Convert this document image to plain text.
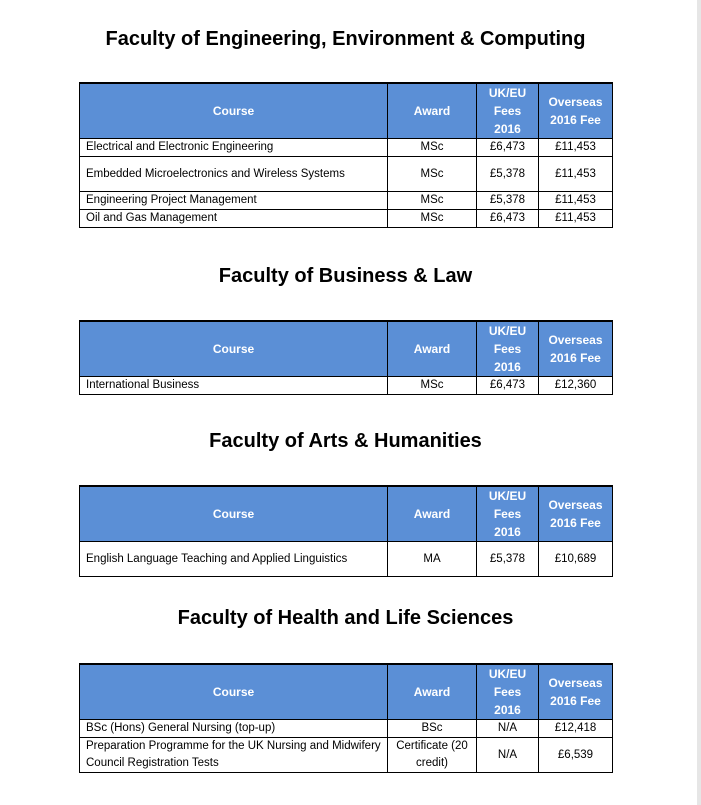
Faculty of Engineering, Environment & Computing
Course	Award	UK/EU Fees 2016	Overseas 2016 Fee
Electrical and Electronic Engineering	MSc	£6,473	£11,453
Embedded Microelectronics and Wireless Systems	MSc	£5,378	£11,453
Engineering Project Management	MSc	£5,378	£11,453
Oil and Gas Management	MSc	£6,473	£11,453
Faculty of Business & Law
Course	Award	UK/EU Fees 2016	Overseas 2016 Fee
International Business	MSc	£6,473	£12,360
Faculty of Arts & Humanities
Course	Award	UK/EU Fees 2016	Overseas 2016 Fee
English Language Teaching and Applied Linguistics	MA	£5,378	£10,689
Faculty of Health and Life Sciences
Course	Award	UK/EU Fees 2016	Overseas 2016 Fee
BSc (Hons) General Nursing (top-up)	BSc	N/A	£12,418
Preparation Programme for the UK Nursing and Midwifery Council Registration Tests	Certificate (20 credit)	N/A	£6,539
